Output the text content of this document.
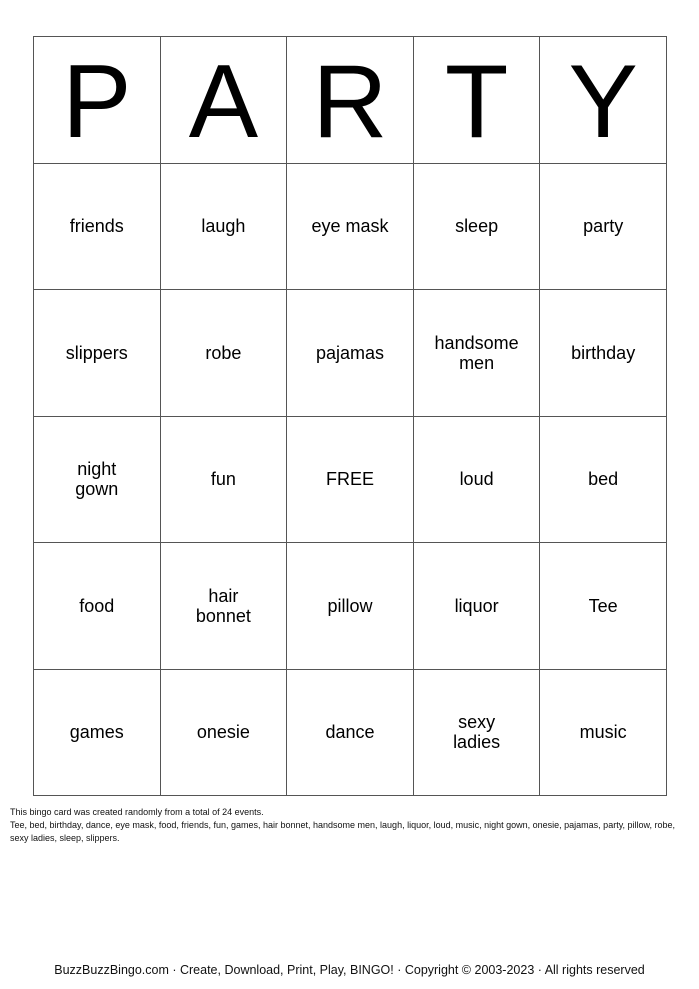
P	A	R	T	Y
friends	laugh	eye mask	sleep	party
slippers	robe	pajamas	handsome men	birthday
night gown	fun	FREE	loud	bed
food	hair bonnet	pillow	liquor	Tee
games	onesie	dance	sexy ladies	music

This bingo card was created randomly from a total of 24 events.

Tee, bed, birthday, dance, eye mask, food, friends, fun, games, hair bonnet, handsome men, laugh, liquor, loud, music, night gown, onesie, pajamas, party, pillow, robe, sexy ladies, sleep, slippers.

BuzzBuzzBingo.com · Create, Download, Print, Play, BINGO! · Copyright © 2003-2023 · All rights reserved
